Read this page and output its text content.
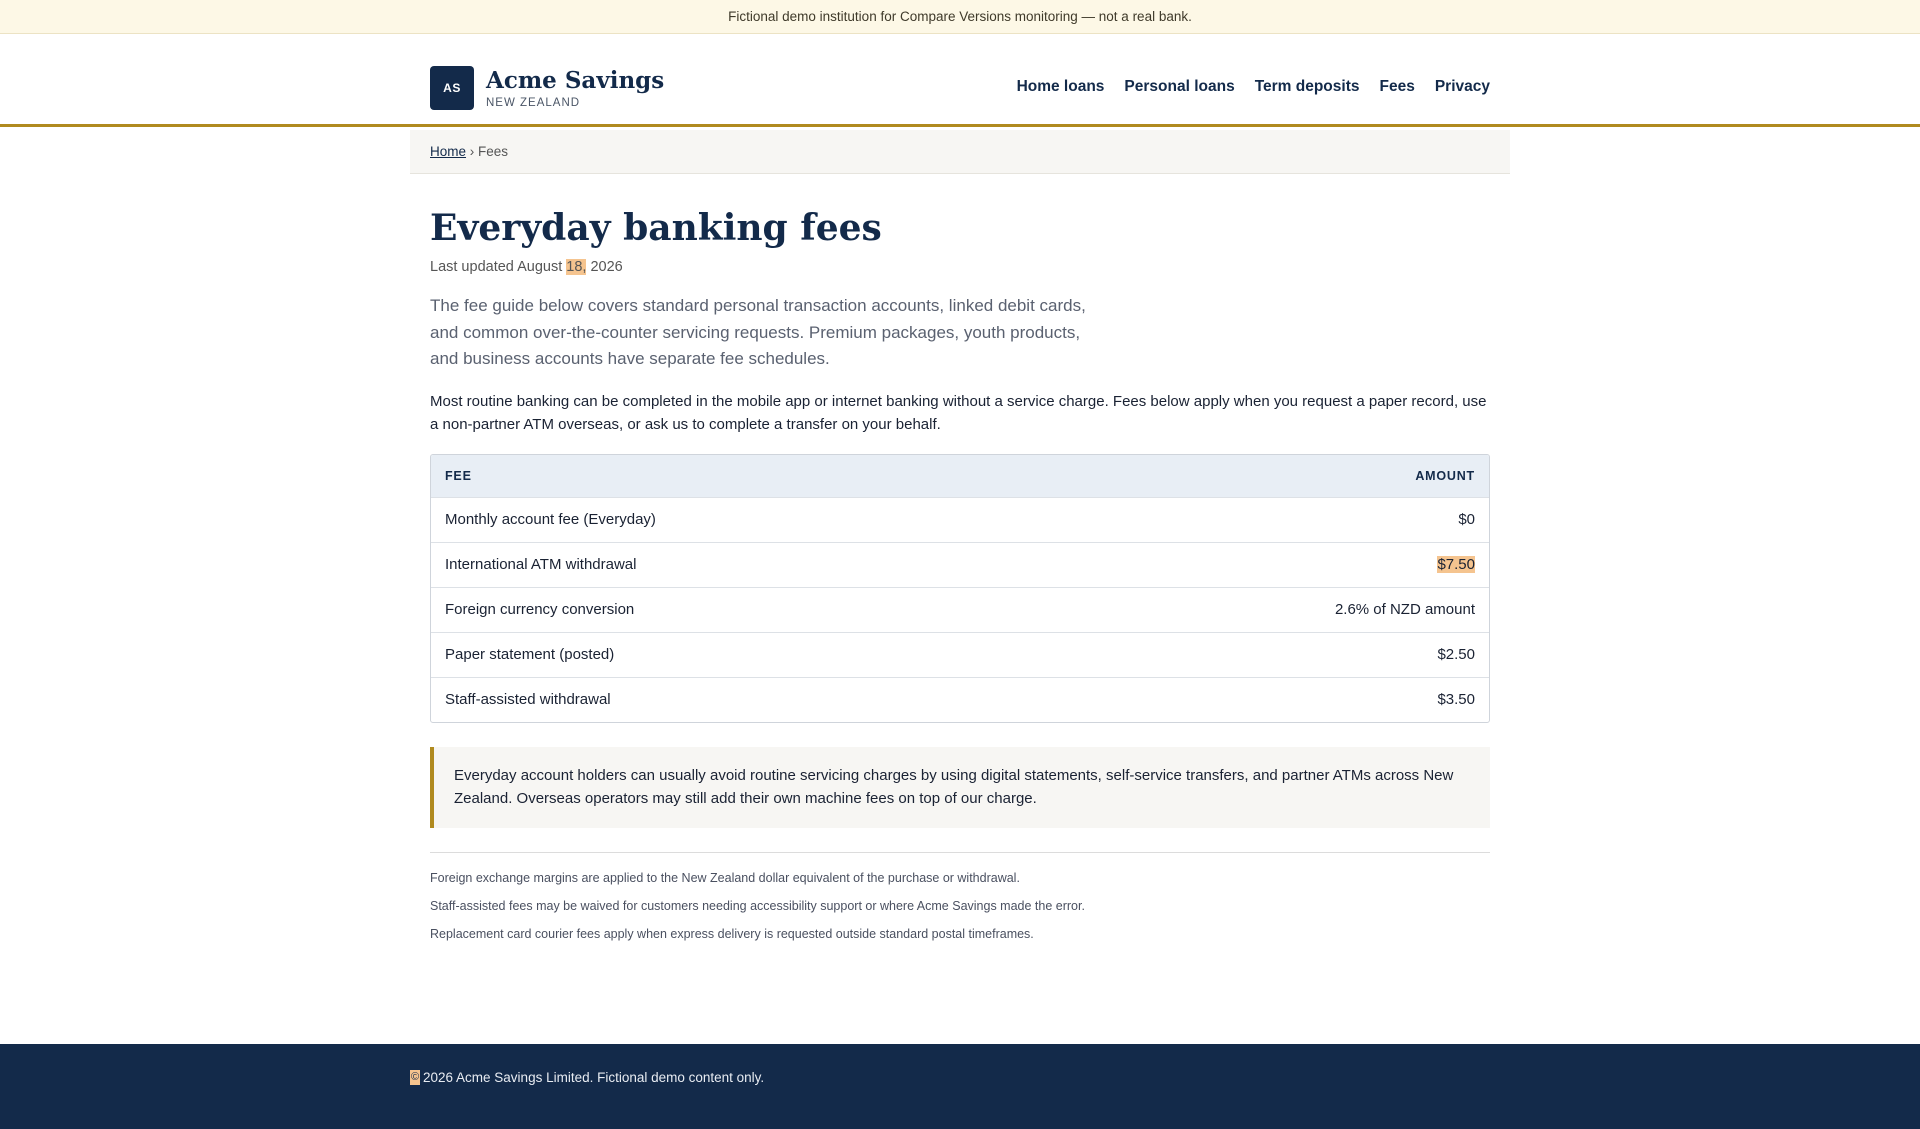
Fictional demo institution for Compare Versions monitoring — not a real bank.
AS	Acme Savings
NEW ZEALAND
Home loans Personal loans Term deposits Fees Privacy
Home › Fees
Everyday banking fees
Last updated August 18, 2026

The fee guide below covers standard personal transaction accounts, linked debit cards, and common over-the-counter servicing requests. Premium packages, youth products, and business accounts have separate fee schedules.

Most routine banking can be completed in the mobile app or internet banking without a service charge. Fees below apply when you request a paper record, use a non-partner ATM overseas, or ask us to complete a transfer on your behalf.

FEE	AMOUNT
Monthly account fee (Everyday)	$0
International ATM withdrawal	$7.50
Foreign currency conversion	2.6% of NZD amount
Paper statement (posted)	$2.50
Staff-assisted withdrawal	$3.50
Everyday account holders can usually avoid routine servicing charges by using digital statements, self-service transfers, and partner ATMs across New Zealand. Overseas operators may still add their own machine fees on top of our charge.

Foreign exchange margins are applied to the New Zealand dollar equivalent of the purchase or withdrawal.

Staff-assisted fees may be waived for customers needing accessibility support or where Acme Savings made the error.

Replacement card courier fees apply when express delivery is requested outside standard postal timeframes.

© 2026 Acme Savings Limited. Fictional demo content only.
